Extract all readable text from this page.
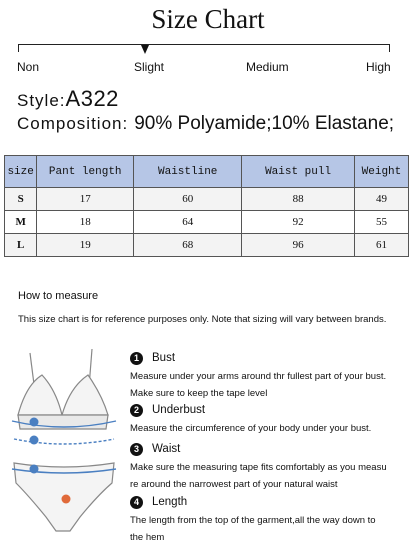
Size Chart
Non	Slight	Medium	High
Style:A322
Composition: 90% Polyamide;10% Elastane;
size	Pant length	Waistline	Waist pull	Weight
S	17	60	88	49
M	18	64	92	55
L	19	68	96	61
How to measure
This size chart is for reference purposes only. Note that sizing will vary between brands.
1	Bust
Measure under your arms around thr fullest part of your bust.
Make sure to keep the tape level
2	Underbust
Measure the circumference of your body under your bust.
3	Waist
Make sure the measuring tape fits comfortably as you measu
re around the narrowest part of your natural waist
4	Length
The length from the top of the garment,all the way down to
the hem
